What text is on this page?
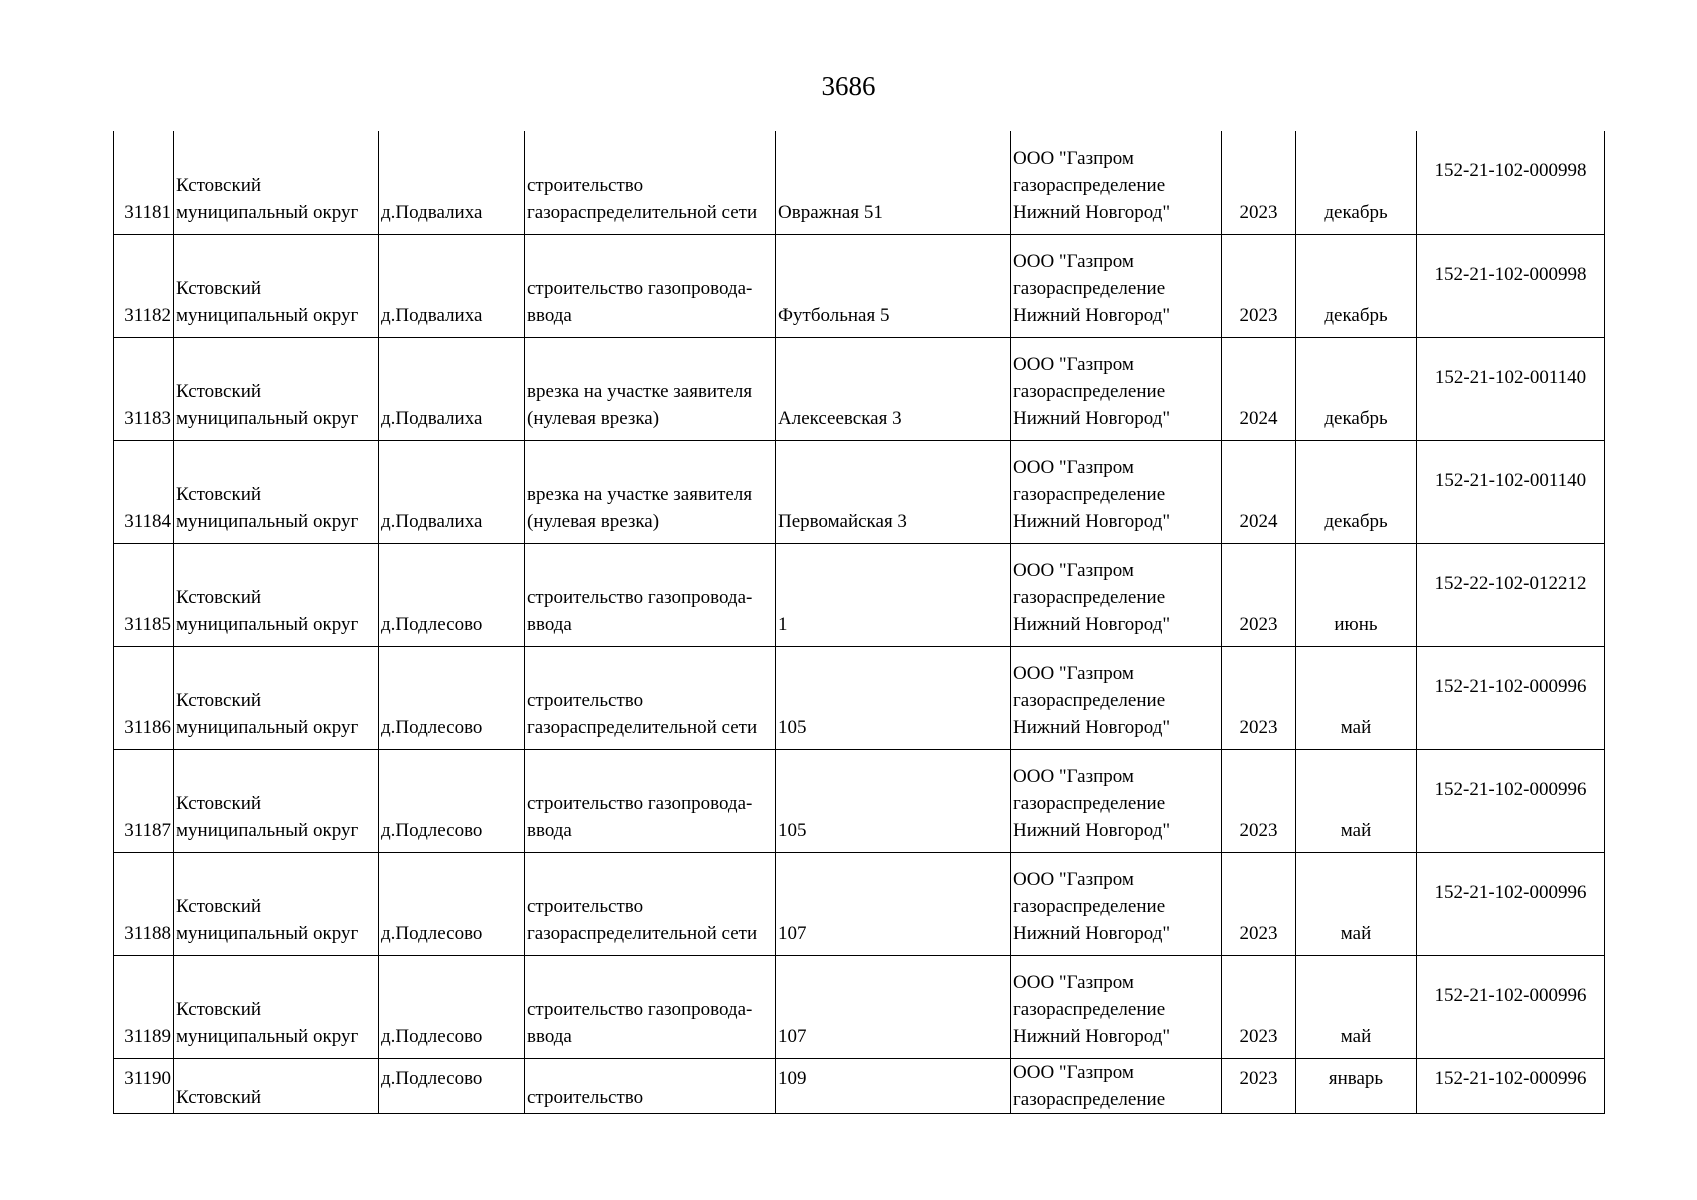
3686
31181	Кстовский
муниципальный округ	д.Подвалиха	строительство
газораспределительной сети	Овражная 51	ООО "Газпром
газораспределение
Нижний Новгород"	2023	декабрь	152-21-102-000998
31182	Кстовский
муниципальный округ	д.Подвалиха	строительство газопровода-
ввода	Футбольная 5	ООО "Газпром
газораспределение
Нижний Новгород"	2023	декабрь	152-21-102-000998
31183	Кстовский
муниципальный округ	д.Подвалиха	врезка на участке заявителя
(нулевая врезка)	Алексеевская 3	ООО "Газпром
газораспределение
Нижний Новгород"	2024	декабрь	152-21-102-001140
31184	Кстовский
муниципальный округ	д.Подвалиха	врезка на участке заявителя
(нулевая врезка)	Первомайская 3	ООО "Газпром
газораспределение
Нижний Новгород"	2024	декабрь	152-21-102-001140
31185	Кстовский
муниципальный округ	д.Подлесово	строительство газопровода-
ввода	1	ООО "Газпром
газораспределение
Нижний Новгород"	2023	июнь	152-22-102-012212
31186	Кстовский
муниципальный округ	д.Подлесово	строительство
газораспределительной сети	105	ООО "Газпром
газораспределение
Нижний Новгород"	2023	май	152-21-102-000996
31187	Кстовский
муниципальный округ	д.Подлесово	строительство газопровода-
ввода	105	ООО "Газпром
газораспределение
Нижний Новгород"	2023	май	152-21-102-000996
31188	Кстовский
муниципальный округ	д.Подлесово	строительство
газораспределительной сети	107	ООО "Газпром
газораспределение
Нижний Новгород"	2023	май	152-21-102-000996
31189	Кстовский
муниципальный округ	д.Подлесово	строительство газопровода-
ввода	107	ООО "Газпром
газораспределение
Нижний Новгород"	2023	май	152-21-102-000996
31190	Кстовский	д.Подлесово	строительство	109	ООО "Газпром
газораспределение	2023	январь	152-21-102-000996
